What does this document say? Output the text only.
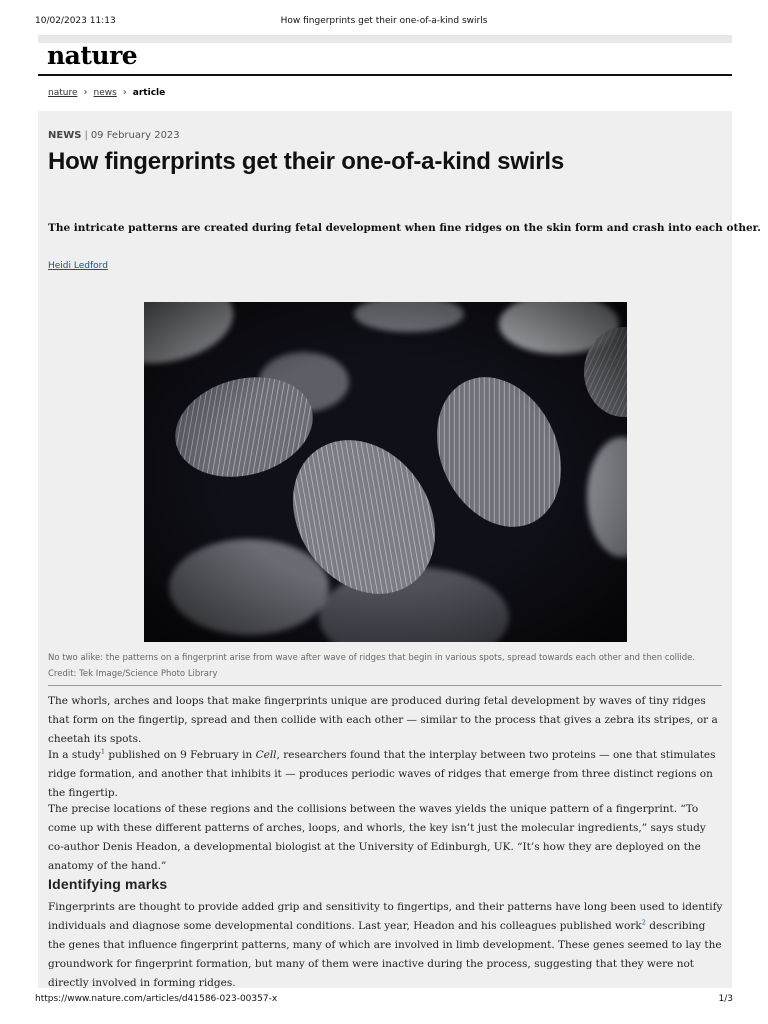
10/02/2023 11:13	How fingerprints get their one-of-a-kind swirls
nature
nature › news › article
NEWS | 09 February 2023
How fingerprints get their one-of-a-kind swirls

The intricate patterns are created during fetal development when fine ridges on the skin form and crash into each other.

Heidi Ledford
No two alike: the patterns on a fingerprint arise from wave after wave of ridges that begin in various spots, spread towards each other and then collide. Credit: Tek Image/Science Photo Library

The whorls, arches and loops that make fingerprints unique are produced during fetal development by waves of tiny ridges that form on the fingertip, spread and then collide with each other — similar to the process that gives a zebra its stripes, or a cheetah its spots.

In a study$^1$ published on 9 February in Cell, researchers found that the interplay between two proteins — one that stimulates ridge formation, and another that inhibits it — produces periodic waves of ridges that emerge from three distinct regions on the fingertip.

The precise locations of these regions and the collisions between the waves yields the unique pattern of a fingerprint. “To come up with these different patterns of arches, loops, and whorls, the key isn’t just the molecular ingredients,” says study co-author Denis Headon, a developmental biologist at the University of Edinburgh, UK. “It’s how they are deployed on the anatomy of the hand.”

Identifying marks

Fingerprints are thought to provide added grip and sensitivity to fingertips, and their patterns have long been used to identify individuals and diagnose some developmental conditions. Last year, Headon and his colleagues published work$^2$ describing the genes that influence fingerprint patterns, many of which are involved in limb development. These genes seemed to lay the groundwork for fingerprint formation, but many of them were inactive during the process, suggesting that they were not directly involved in forming ridges.

https://www.nature.com/articles/d41586-023-00357-x	1/3
